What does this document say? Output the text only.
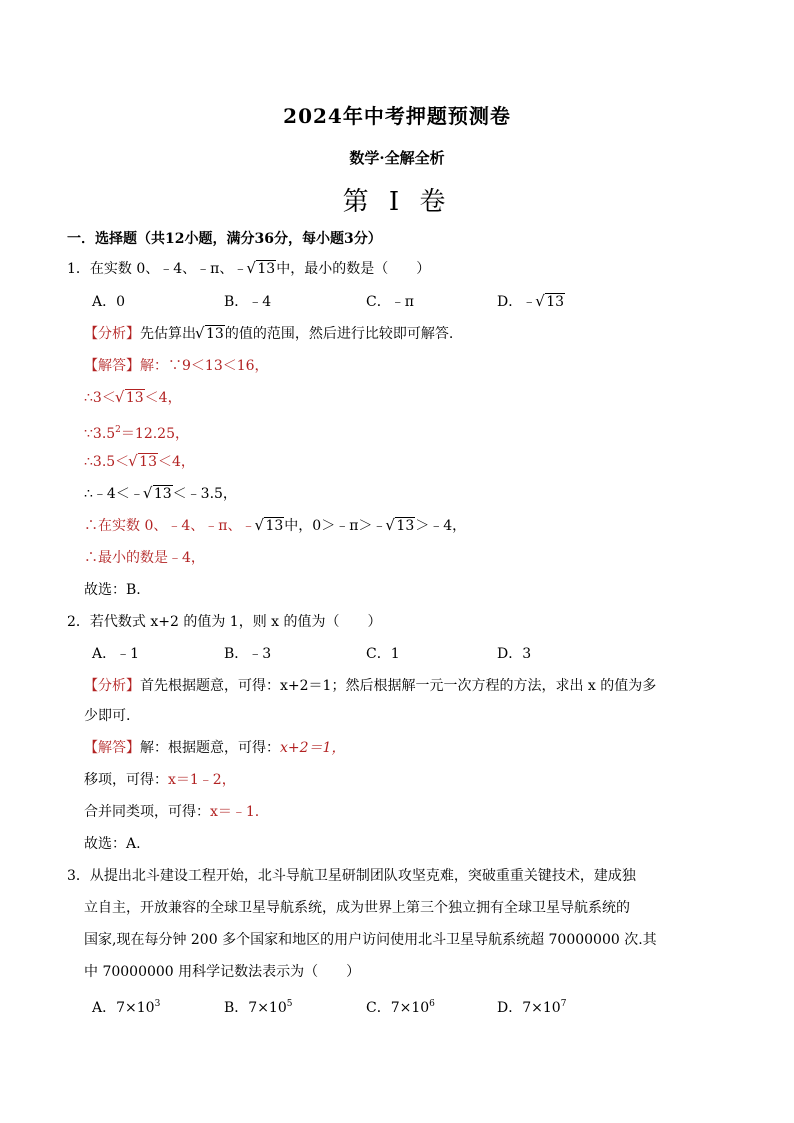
2024年中考押题预测卷
数学·全解全析
第 I 卷
一．选择题（共12小题，满分36分，每小题3分）
1．在实数 0、﹣4、﹣π、﹣ √ 13中，最小的数是（　　）
A．0	B．﹣4	C．﹣π	D．﹣ √ 13
【分析】先估算出 √ 13的值的范围，然后进行比较即可解答.
【解答】解：∵9＜13＜16，
∴3＜ √ 13＜4，
$\because 3.5^2=12.25$，
∴3.5＜ √ 13＜4，
∴﹣4＜﹣ √ 13＜﹣3.5，
∴在实数 0、﹣4、﹣π、﹣ √ 13中，0＞﹣π＞﹣ √ 13＞﹣4，
∴最小的数是﹣4，
故选：B.
2．若代数式 x+2 的值为 1，则 x 的值为（　　）
A．﹣1	B．﹣3	C．1	D．3
【分析】首先根据题意，可得：x+2＝1；然后根据解一元一次方程的方法，求出 x 的值为多
少即可.
【解答】解：根据题意，可得：x+2＝1，
移项，可得：x＝1﹣2，
合并同类项，可得：x＝﹣1.
故选：A.
3．从提出北斗建设工程开始，北斗导航卫星研制团队攻坚克难，突破重重关键技术，建成独
立自主，开放兼容的全球卫星导航系统，成为世界上第三个独立拥有全球卫星导航系统的
国家,现在每分钟 200 多个国家和地区的用户访问使用北斗卫星导航系统超 70000000 次.其
中 70000000 用科学记数法表示为（　　）
A．$7\times 10^3$	B．$7\times 10^5$	C．$7\times 10^6$	D．$7\times 10^7$
